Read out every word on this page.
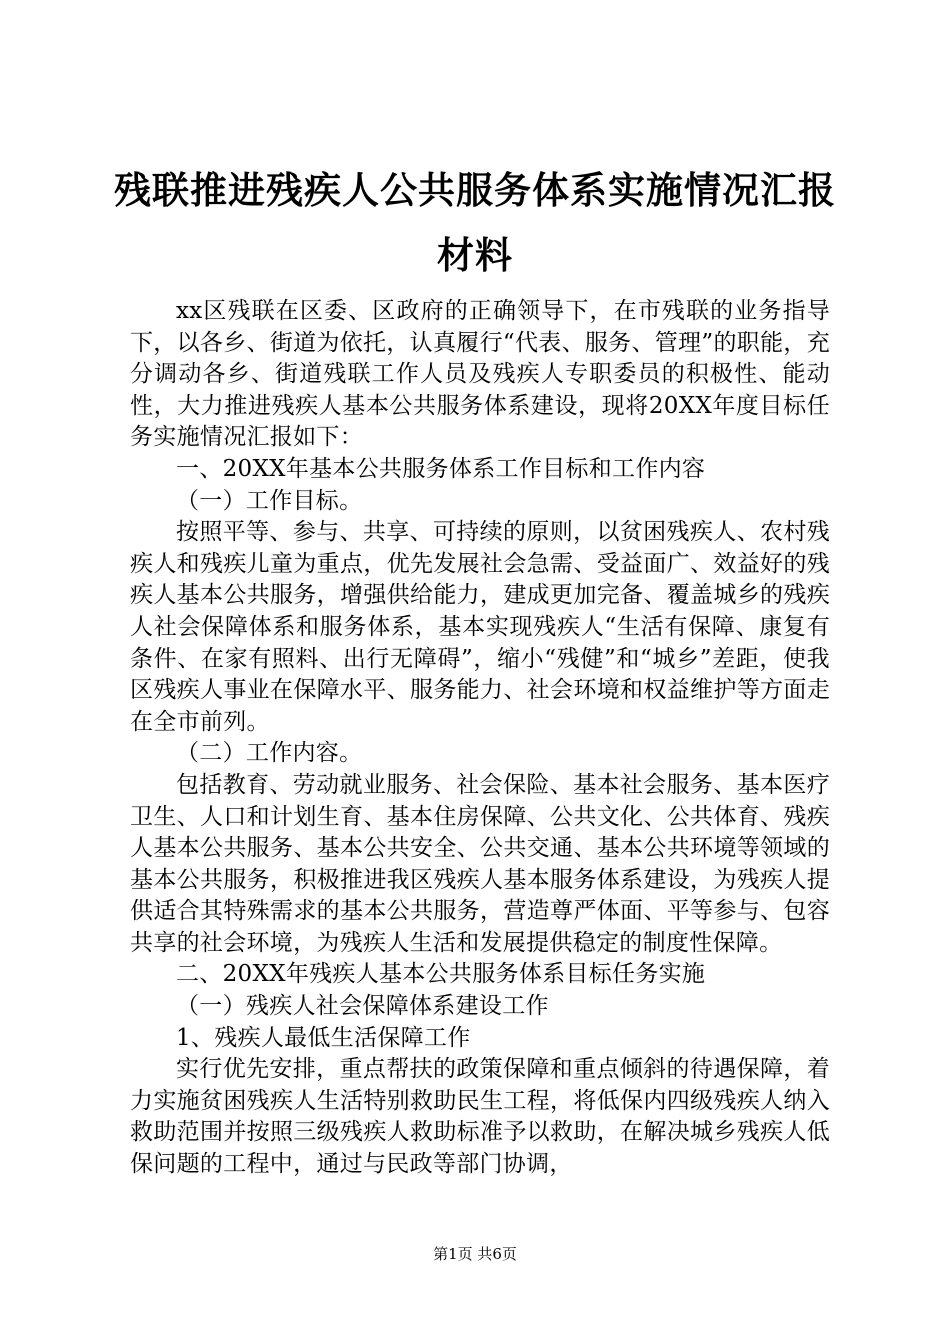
残联推进残疾人公共服务体系实施情况汇报材料

xx区残联在区委、区政府的正确领导下，在市残联的业务指导下，以各乡、街道为依托，认真履行“代表、服务、管理”的职能，充分调动各乡、街道残联工作人员及残疾人专职委员的积极性、能动性，大力推进残疾人基本公共服务体系建设，现将20XX年度目标任务实施情况汇报如下：

一、20XX年基本公共服务体系工作目标和工作内容

（一）工作目标。

按照平等、参与、共享、可持续的原则，以贫困残疾人、农村残疾人和残疾儿童为重点，优先发展社会急需、受益面广、效益好的残疾人基本公共服务，增强供给能力，建成更加完备、覆盖城乡的残疾人社会保障体系和服务体系，基本实现残疾人“生活有保障、康复有条件、在家有照料、出行无障碍”，缩小“残健”和“城乡”差距，使我区残疾人事业在保障水平、服务能力、社会环境和权益维护等方面走在全市前列。

（二）工作内容。

包括教育、劳动就业服务、社会保险、基本社会服务、基本医疗卫生、人口和计划生育、基本住房保障、公共文化、公共体育、残疾人基本公共服务、基本公共安全、公共交通、基本公共环境等领域的基本公共服务，积极推进我区残疾人基本服务体系建设，为残疾人提供适合其特殊需求的基本公共服务，营造尊严体面、平等参与、包容共享的社会环境，为残疾人生活和发展提供稳定的制度性保障。

二、20XX年残疾人基本公共服务体系目标任务实施

（一）残疾人社会保障体系建设工作

1、残疾人最低生活保障工作

实行优先安排，重点帮扶的政策保障和重点倾斜的待遇保障，着力实施贫困残疾人生活特别救助民生工程，将低保内四级残疾人纳入救助范围并按照三级残疾人救助标准予以救助，在解决城乡残疾人低保问题的工程中，通过与民政等部门协调，

第1页 共6页
